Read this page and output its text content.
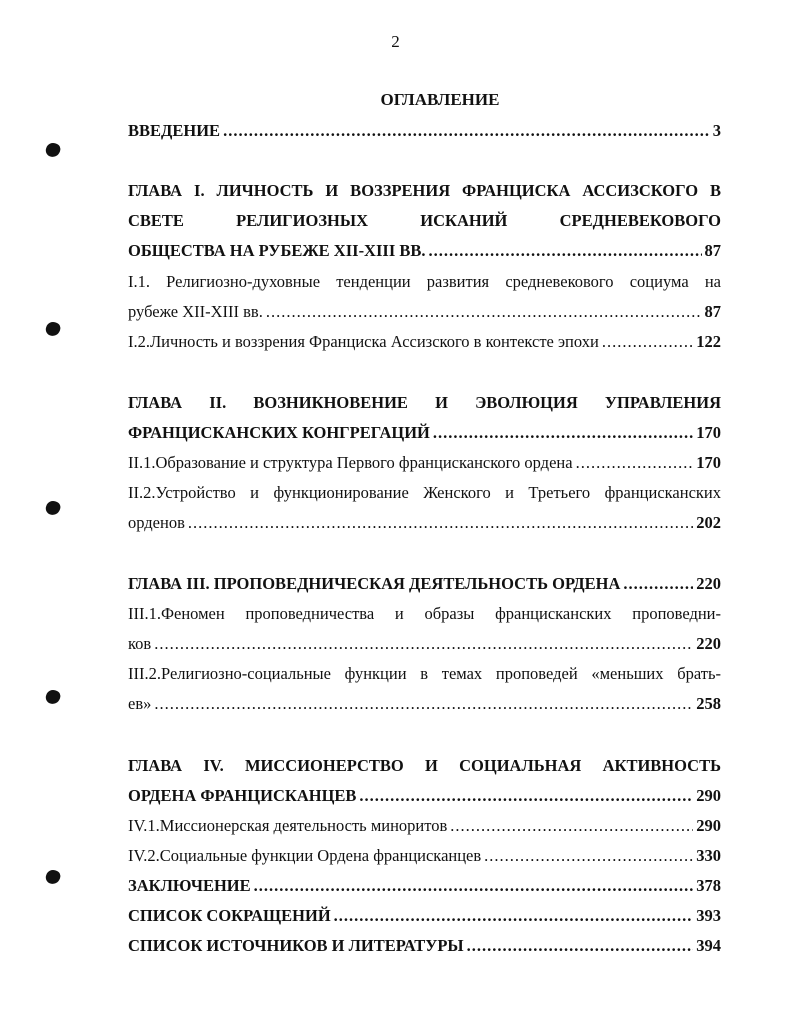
2
ОГЛАВЛЕНИЕ
ВВЕДЕНИЕ .....	3
ГЛАВА I. ЛИЧНОСТЬ И ВОЗЗРЕНИЯ ФРАНЦИСКА АССИЗСКОГО В
СВЕТЕ РЕЛИГИОЗНЫХ ИСКАНИЙ СРЕДНЕВЕКОВОГО
ОБЩЕСТВА НА РУБЕЖЕ XII-XIII ВВ. .....	87
I.1. Религиозно-духовные тенденции развития средневекового социума на
рубеже XII-XIII вв. .....	87
I.2.Личность и воззрения Франциска Ассизского в контексте эпохи .....	122
ГЛАВА II. ВОЗНИКНОВЕНИЕ И ЭВОЛЮЦИЯ УПРАВЛЕНИЯ
ФРАНЦИСКАНСКИХ КОНГРЕГАЦИЙ .....	170
II.1.Образование и структура Первого францисканского ордена .....	170
II.2.Устройство и функционирование Женского и Третьего францисканских
орденов .....	202
ГЛАВА III. ПРОПОВЕДНИЧЕСКАЯ ДЕЯТЕЛЬНОСТЬ ОРДЕНА .....	220
III.1.Феномен проповедничества и образы францисканских проповедни-
ков .....	220
III.2.Религиозно-социальные функции в темах проповедей «меньших брать-
ев» .....	258
ГЛАВА IV. МИССИОНЕРСТВО И СОЦИАЛЬНАЯ АКТИВНОСТЬ
ОРДЕНА ФРАНЦИСКАНЦЕВ .....	290
IV.1.Миссионерская деятельность миноритов .....	290
IV.2.Социальные функции Ордена францисканцев .....	330
ЗАКЛЮЧЕНИЕ .....	378
СПИСОК СОКРАЩЕНИЙ .....	393
СПИСОК ИСТОЧНИКОВ И ЛИТЕРАТУРЫ .....	394
